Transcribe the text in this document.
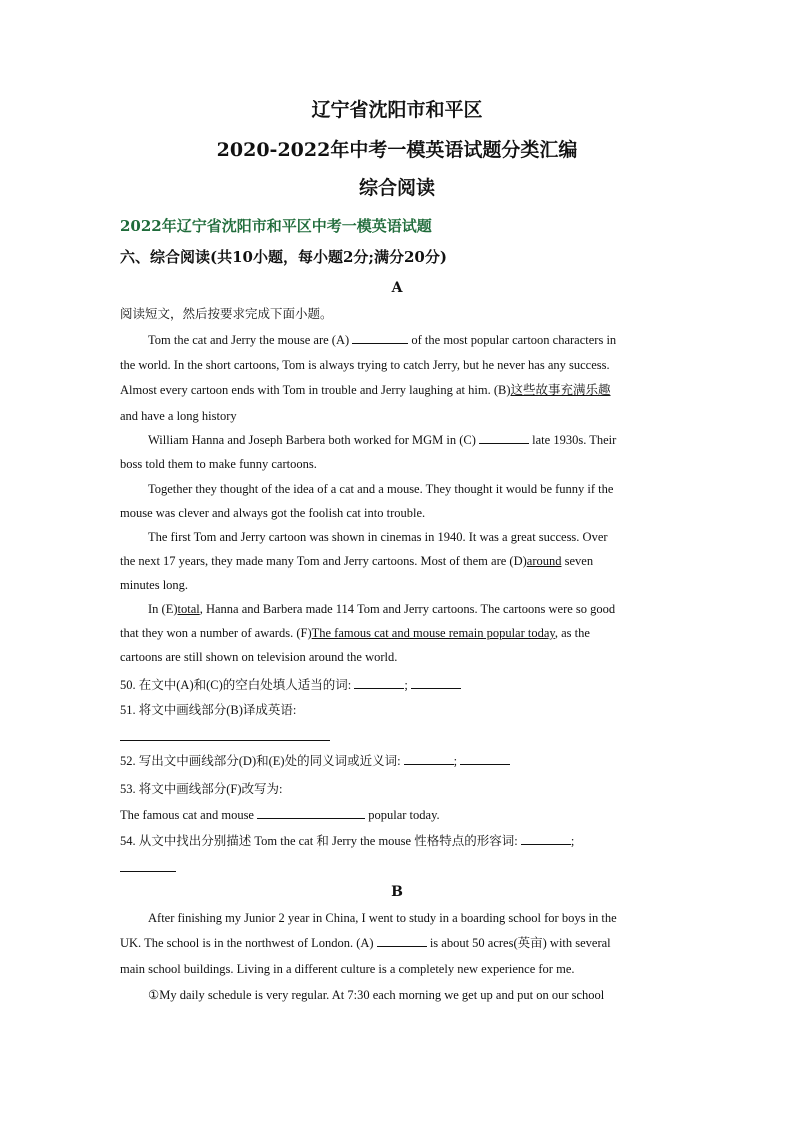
辽宁省沈阳市和平区
2020-2022年中考一模英语试题分类汇编
综合阅读
2022年辽宁省沈阳市和平区中考一模英语试题
六、综合阅读(共10小题，每小题2分;满分20分)
A
阅读短文，然后按要求完成下面小题。
Tom the cat and Jerry the mouse are (A)	of the most popular cartoon characters in
the world. In the short cartoons, Tom is always trying to catch Jerry, but he never has any success.
Almost every cartoon ends with Tom in trouble and Jerry laughing at him. (B)这些故事充满乐趣
and have a long history
William Hanna and Joseph Barbera both worked for MGM in (C)	late 1930s. Their
boss told them to make funny cartoons.
Together they thought of the idea of a cat and a mouse. They thought it would be funny if the
mouse was clever and always got the foolish cat into trouble.
The first Tom and Jerry cartoon was shown in cinemas in 1940. It was a great success. Over
the next 17 years, they made many Tom and Jerry cartoons. Most of them are (D)around seven
minutes long.
In (E)total, Hanna and Barbera made 114 Tom and Jerry cartoons. The cartoons were so good
that they won a number of awards. (F)The famous cat and mouse remain popular today, as the
cartoons are still shown on television around the world.
50. 在文中(A)和(C)的空白处填人适当的词:	;
51. 将文中画线部分(B)译成英语:
52. 写出文中画线部分(D)和(E)处的同义词或近义词:	;
53. 将文中画线部分(F)改写为:
The famous cat and mouse	popular today.
54. 从文中找出分别描述 Tom the cat 和 Jerry the mouse 性格特点的形容词:	;
B
After finishing my Junior 2 year in China, I went to study in a boarding school for boys in the
UK. The school is in the northwest of London. (A)	is about 50 acres(英亩) with several
main school buildings. Living in a different culture is a completely new experience for me.
①My daily schedule is very regular. At 7:30 each morning we get up and put on our school
